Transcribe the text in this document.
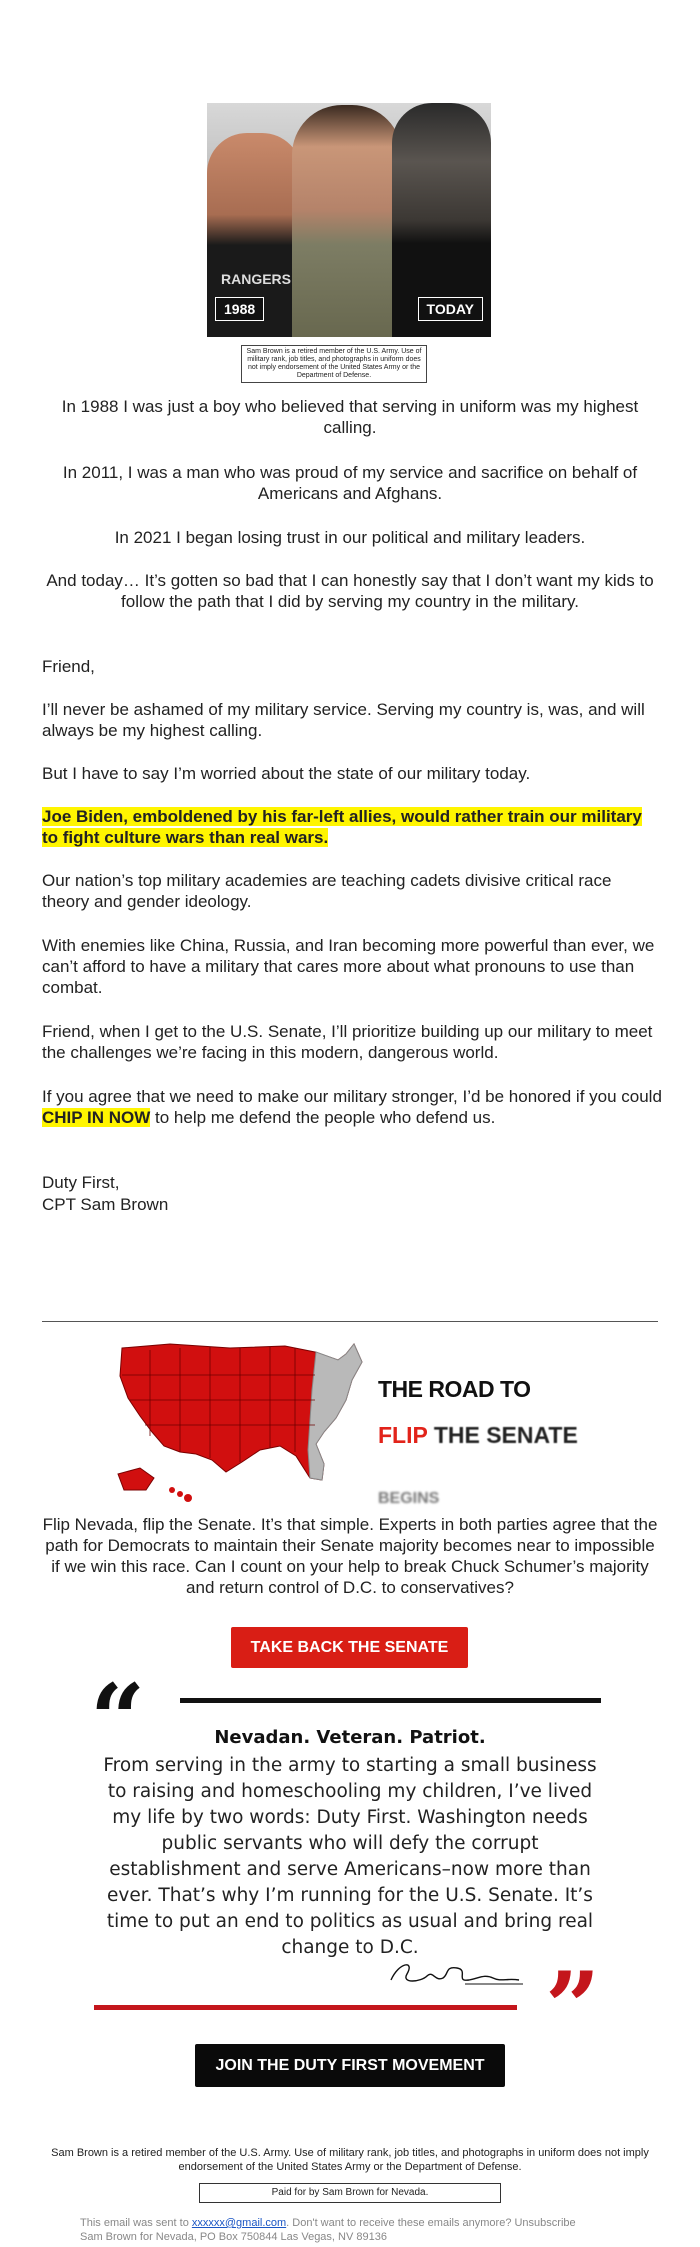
RANGERS
1988	TODAY
Sam Brown is a retired member of the U.S. Army. Use of military rank, job titles, and photographs in uniform does not imply endorsement of the United States Army or the Department of Defense.

In 1988 I was just a boy who believed that serving in uniform was my highest calling.

In 2011, I was a man who was proud of my service and sacrifice on behalf of Americans and Afghans.

In 2021 I began losing trust in our political and military leaders.

And today… It’s gotten so bad that I can honestly say that I don’t want my kids to follow the path that I did by serving my country in the military.

Friend,

I’ll never be ashamed of my military service. Serving my country is, was, and will always be my highest calling.

But I have to say I’m worried about the state of our military today.

Joe Biden, emboldened by his far-left allies, would rather train our military to fight culture wars than real wars.

Our nation’s top military academies are teaching cadets divisive critical race theory and gender ideology.

With enemies like China, Russia, and Iran becoming more powerful than ever, we can’t afford to have a military that cares more about what pronouns to use than combat.

Friend, when I get to the U.S. Senate, I’ll prioritize building up our military to meet the challenges we’re facing in this modern, dangerous world.

If you agree that we need to make our military stronger, I’d be honored if you could CHIP IN NOW to help me defend the people who defend us.

Duty First,

CPT Sam Brown

THE ROAD TO
FLIP THE SENATE
BEGINS

Flip Nevada, flip the Senate. It’s that simple. Experts in both parties agree that the path for Democrats to maintain their Senate majority becomes near to impossible if we win this race. Can I count on your help to break Chuck Schumer’s majority and return control of D.C. to conservatives?

TAKE BACK THE SENATE
“	Nevadan. Veteran. Patriot.
From serving in the army to starting a small business to raising and homeschooling my children, I’ve lived my life by two words: Duty First. Washington needs public servants who will defy the corrupt establishment and serve Americans–now more than ever. That’s why I’m running for the U.S. Senate. It’s time to put an end to politics as usual and bring real change to D.C.
”
JOIN THE DUTY FIRST MOVEMENT
Sam Brown is a retired member of the U.S. Army. Use of military rank, job titles, and photographs in uniform does not imply endorsement of the United States Army or the Department of Defense.
Paid for by Sam Brown for Nevada.
This email was sent to xxxxxx@gmail.com. Don't want to receive these emails anymore? Unsubscribe
Sam Brown for Nevada, PO Box 750844 Las Vegas, NV 89136
